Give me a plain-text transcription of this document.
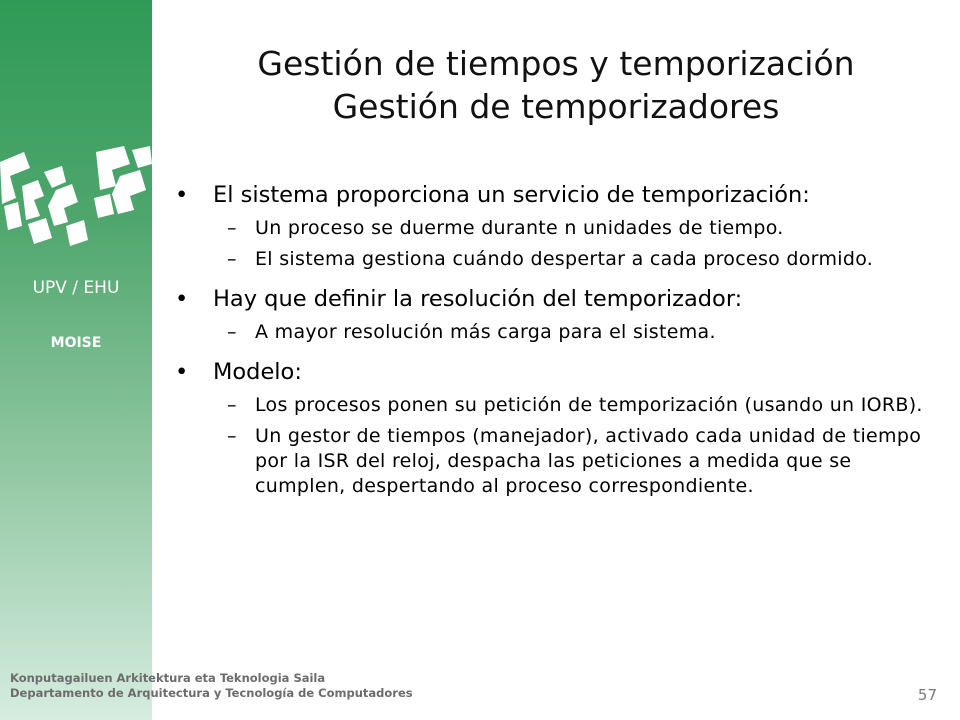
UPV / EHU
MOISE
Gestión de tiempos y temporización
Gestión de temporizadores
• El sistema proporciona un servicio de temporización:
– Un proceso se duerme durante n unidades de tiempo.
– El sistema gestiona cuándo despertar a cada proceso dormido.
• Hay que definir la resolución del temporizador:
– A mayor resolución más carga para el sistema.
• Modelo:
– Los procesos ponen su petición de temporización (usando un IORB).
– Un gestor de tiempos (manejador), activado cada unidad de tiempo por la ISR del reloj, despacha las peticiones a medida que se cumplen, despertando al proceso correspondiente.
Konputagailuen Arkitektura eta Teknologia Saila
Departamento de Arquitectura y Tecnología de Computadores	57
